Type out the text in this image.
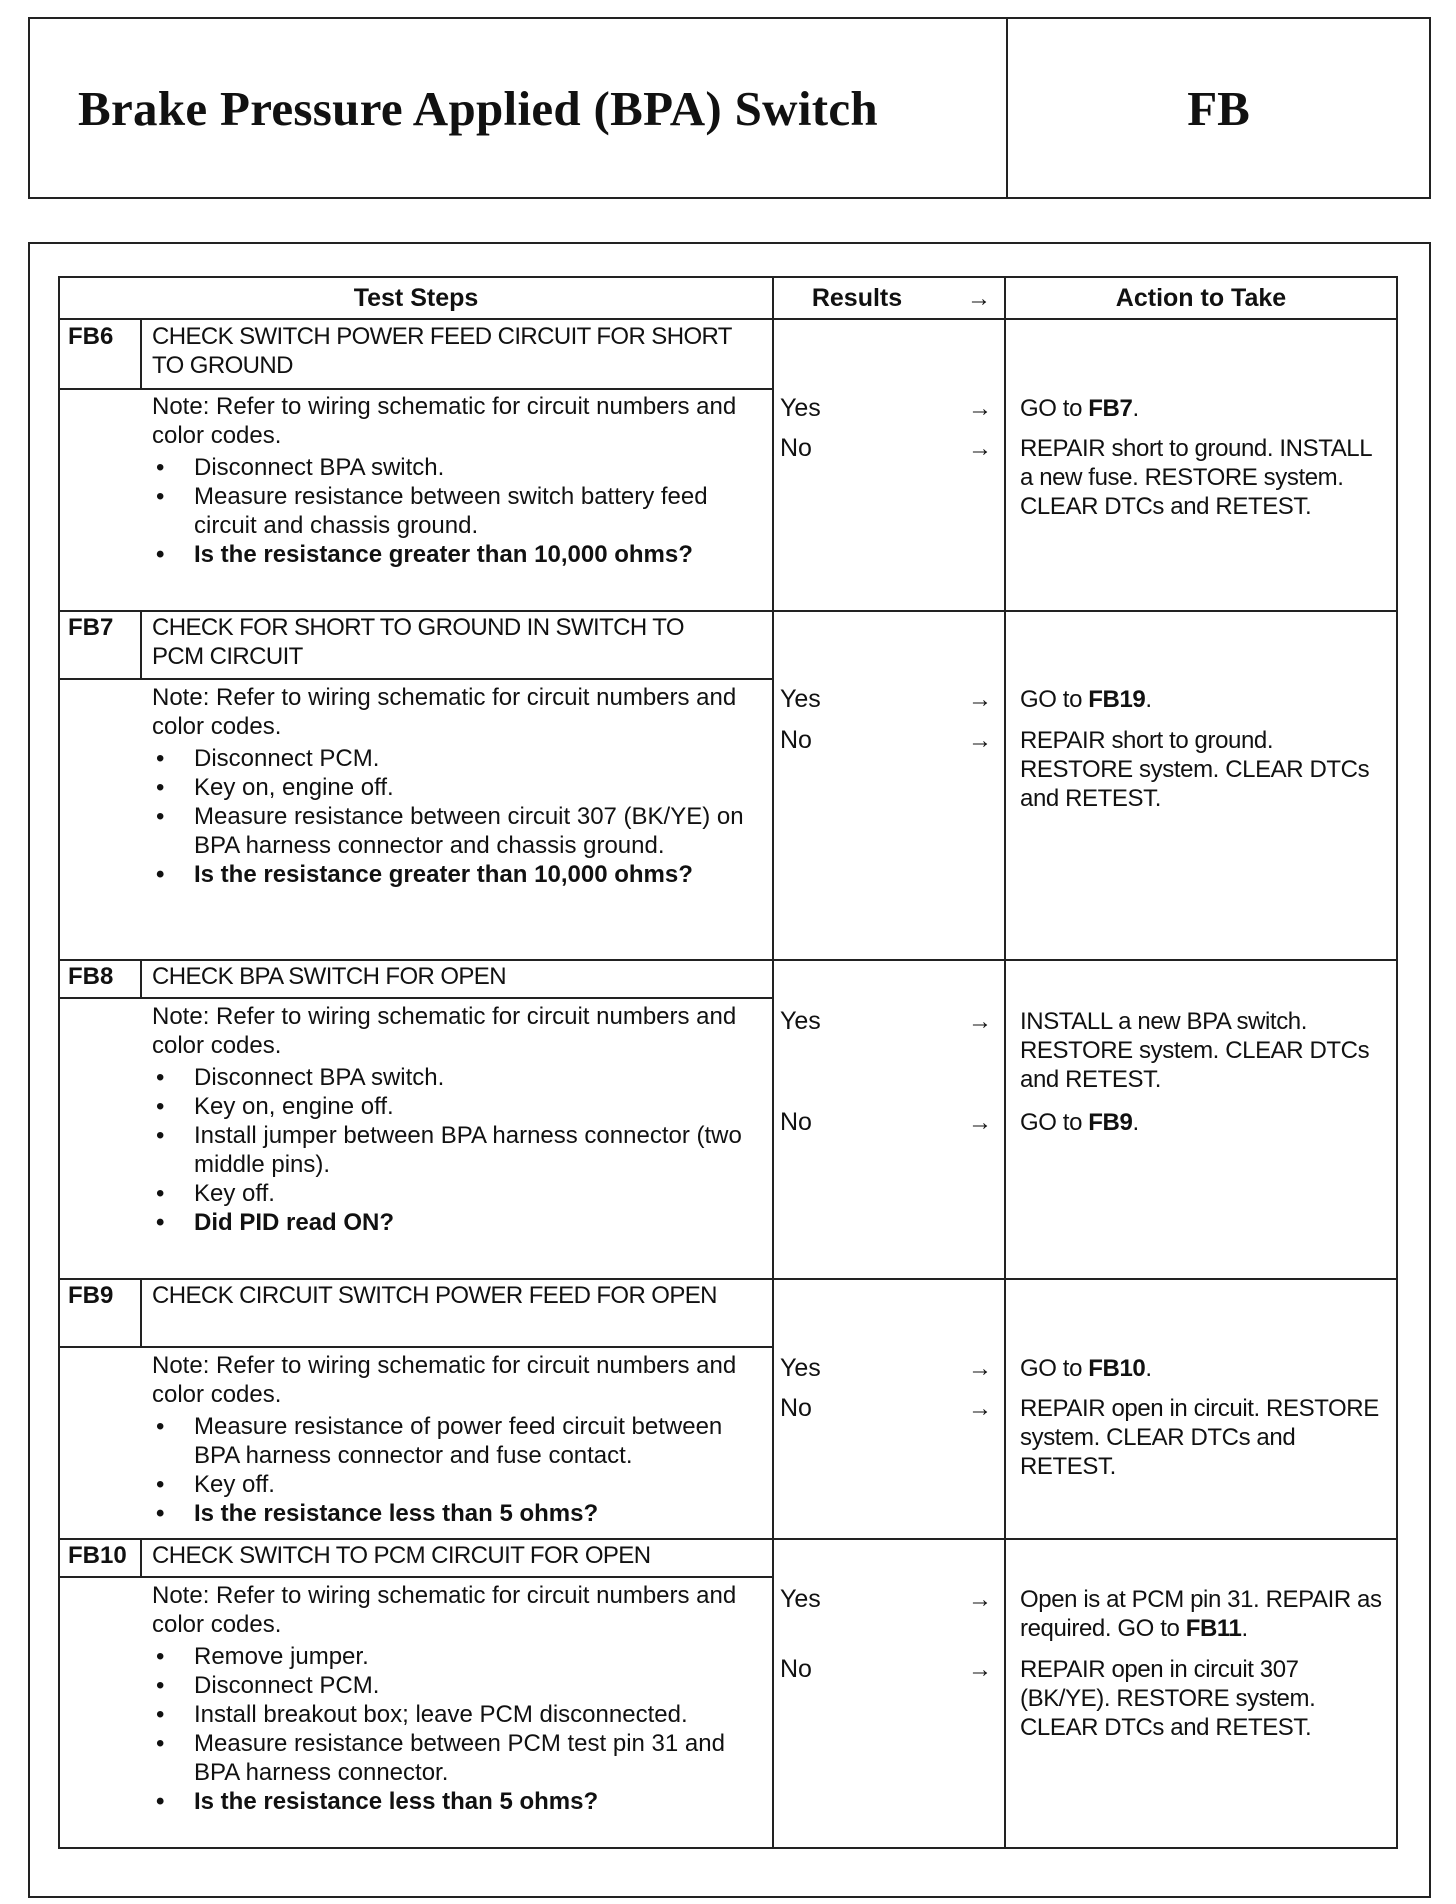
Brake Pressure Applied (BPA) Switch	FB
Test Steps	Results	→	Action to Take
FB6 CHECK SWITCH POWER FEED CIRCUIT FOR SHORT TO GROUND
Note: Refer to wiring schematic for circuit numbers and color codes.
• Disconnect BPA switch.
• Measure resistance between switch battery feed circuit and chassis ground.
• Is the resistance greater than 10,000 ohms?
Yes	→ GO to FB7.
No	→ REPAIR short to ground. INSTALL a new fuse. RESTORE system. CLEAR DTCs and RETEST.
FB7 CHECK FOR SHORT TO GROUND IN SWITCH TO PCM CIRCUIT
Note: Refer to wiring schematic for circuit numbers and color codes.
• Disconnect PCM.
• Key on, engine off.
• Measure resistance between circuit 307 (BK/YE) on BPA harness connector and chassis ground.
• Is the resistance greater than 10,000 ohms?
Yes	→ GO to FB19.
No	→ REPAIR short to ground. RESTORE system. CLEAR DTCs and RETEST.
FB8 CHECK BPA SWITCH FOR OPEN
Note: Refer to wiring schematic for circuit numbers and color codes.
• Disconnect BPA switch.
• Key on, engine off.
• Install jumper between BPA harness connector (two middle pins).
• Key off.
• Did PID read ON?
Yes	→ INSTALL a new BPA switch. RESTORE system. CLEAR DTCs and RETEST.
No	→ GO to FB9.
FB9 CHECK CIRCUIT SWITCH POWER FEED FOR OPEN
Note: Refer to wiring schematic for circuit numbers and color codes.
• Measure resistance of power feed circuit between BPA harness connector and fuse contact.
• Key off.
• Is the resistance less than 5 ohms?
Yes	→ GO to FB10.
No	→ REPAIR open in circuit. RESTORE system. CLEAR DTCs and RETEST.
FB10 CHECK SWITCH TO PCM CIRCUIT FOR OPEN
Note: Refer to wiring schematic for circuit numbers and color codes.
• Remove jumper.
• Disconnect PCM.
• Install breakout box; leave PCM disconnected.
• Measure resistance between PCM test pin 31 and BPA harness connector.
• Is the resistance less than 5 ohms?
Yes	→ Open is at PCM pin 31. REPAIR as required. GO to FB11.
No	→ REPAIR open in circuit 307 (BK/YE). RESTORE system. CLEAR DTCs and RETEST.
